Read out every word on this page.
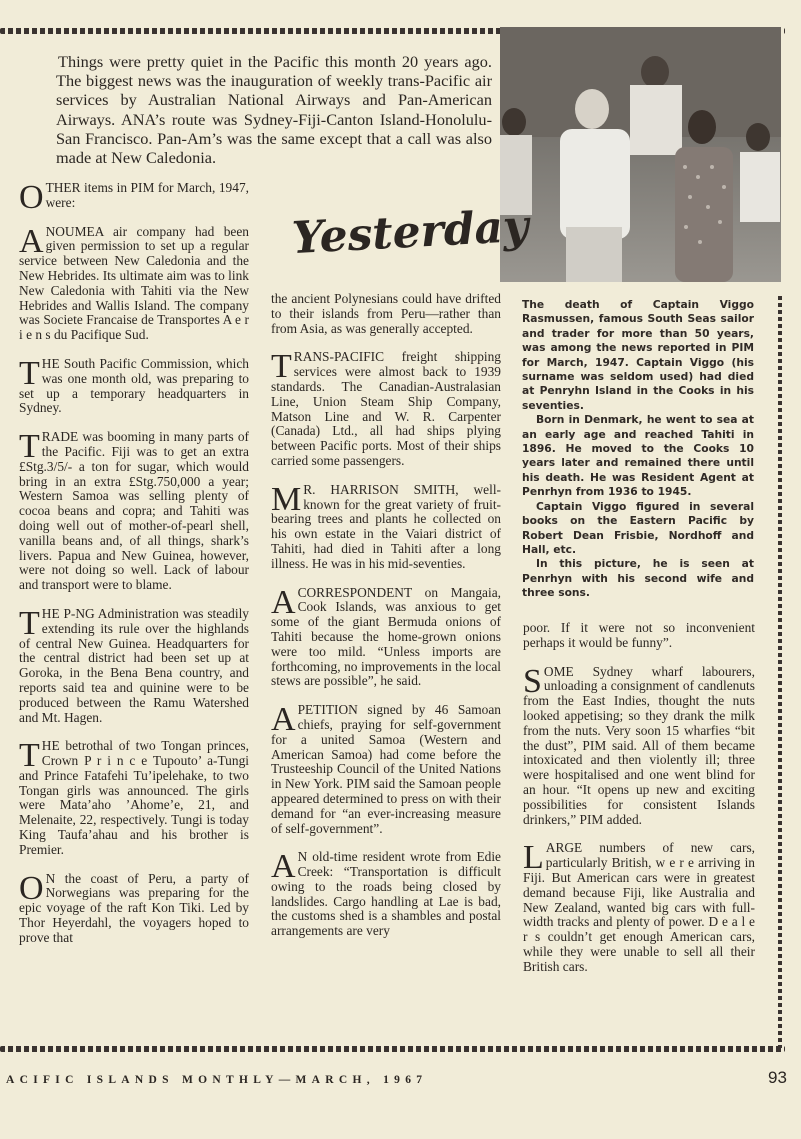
Things were pretty quiet in the Pacific this month 20 years ago. The biggest news was the inauguration of weekly trans-Pacific air services by Australian National Airways and Pan-American Airways. ANA’s route was Sydney-Fiji-Canton Island-Honolulu-San Francisco. Pan-Am’s was the same except that a call was also made at New Caledonia.
Yesterday

OTHER items in PIM for March, 1947, were:

ANOUMEA air company had been given permission to set up a regular service between New Caledonia and the New Hebrides. Its ultimate aim was to link New Caledonia with Tahiti via the New Hebrides and Wallis Island. The company was Societe Francaise de Transportes A e r i e n s du Pacifique Sud.

THE South Pacific Commission, which was one month old, was preparing to set up a temporary headquarters in Sydney.

TRADE was booming in many parts of the Pacific. Fiji was to get an extra £Stg.3/5/- a ton for sugar, which would bring in an extra £Stg.750,000 a year; Western Samoa was selling plenty of cocoa beans and copra; and Tahiti was doing well out of mother-of-pearl shell, vanilla beans and, of all things, shark’s livers. Papua and New Guinea, however, were not doing so well. Lack of labour and transport were to blame.

THE P-NG Administration was steadily extending its rule over the highlands of central New Guinea. Headquarters for the central district had been set up at Goroka, in the Bena Bena country, and reports said tea and quinine were to be produced between the Ramu Watershed and Mt. Hagen.

THE betrothal of two Tongan princes, Crown P r i n c e Tupouto’ a-Tungi and Prince Fatafehi Tu’ipelehake, to two Tongan girls was announced. The girls were Mata’aho ’Ahome’e, 21, and Melenaite, 22, respectively. Tungi is today King Taufa’ahau and his brother is Premier.

O N the coast of Peru, a party of Norwegians was preparing for the epic voyage of the raft Kon Tiki. Led by Thor Heyerdahl, the voyagers hoped to prove that

the ancient Polynesians could have drifted to their islands from Peru—rather than from Asia, as was generally accepted.

TRANS-PACIFIC freight shipping services were almost back to 1939 standards. The Canadian-Australasian Line, Union Steam Ship Company, Matson Line and W. R. Carpenter (Canada) Ltd., all had ships plying between Pacific ports. Most of their ships carried some passengers.

M R. HARRISON SMITH, well-known for the great variety of fruit-bearing trees and plants he collected on his own estate in the Vaiari district of Tahiti, had died in Tahiti after a long illness. He was in his mid-seventies.

ACORRESPONDENT on Mangaia, Cook Islands, was anxious to get some of the giant Bermuda onions of Tahiti because the home-grown onions were too mild. “Unless imports are forthcoming, no improvements in the local stews are possible”, he said.

APETITION signed by 46 Samoan chiefs, praying for self-government for a united Samoa (Western and American Samoa) had come before the Trusteeship Council of the United Nations in New York. PIM said the Samoan people appeared determined to press on with their demand for “an ever-increasing measure of self-government”.

A N old-time resident wrote from Edie Creek: “Transportation is difficult owing to the roads being closed by landslides. Cargo handling at Lae is bad, the customs shed is a shambles and postal arrangements are very

The death of Captain Viggo Rasmussen, famous South Seas sailor and trader for more than 50 years, was among the news reported in PIM for March, 1947. Captain Viggo (his surname was seldom used) had died at Penryhn Island in the Cooks in his seventies.

Born in Denmark, he went to sea at an early age and reached Tahiti in 1896. He moved to the Cooks 10 years later and remained there until his death. He was Resident Agent at Penrhyn from 1936 to 1945.

Captain Viggo figured in several books on the Eastern Pacific by Robert Dean Frisbie, Nordhoff and Hall, etc.

In this picture, he is seen at Penrhyn with his second wife and three sons.

poor. If it were not so inconvenient perhaps it would be funny”.

SOME Sydney wharf labourers, unloading a consignment of candlenuts from the East Indies, thought the nuts looked appetising; so they drank the milk from the nuts. Very soon 15 wharfies “bit the dust”, PIM said. All of them became intoxicated and then violently ill; three were hospitalised and one went blind for an hour. “It opens up new and exciting possibilities for consistent Islands drinkers,” PIM added.

LARGE numbers of new cars, particularly British, w e r e arriving in Fiji. But American cars were in greatest demand because Fiji, like Australia and New Zealand, wanted big cars with full-width tracks and plenty of power. D e a l e r s couldn’t get enough American cars, while they were unable to sell all their British cars.

ACIFIC ISLANDS MONTHLY—MARCH, 1967	93
